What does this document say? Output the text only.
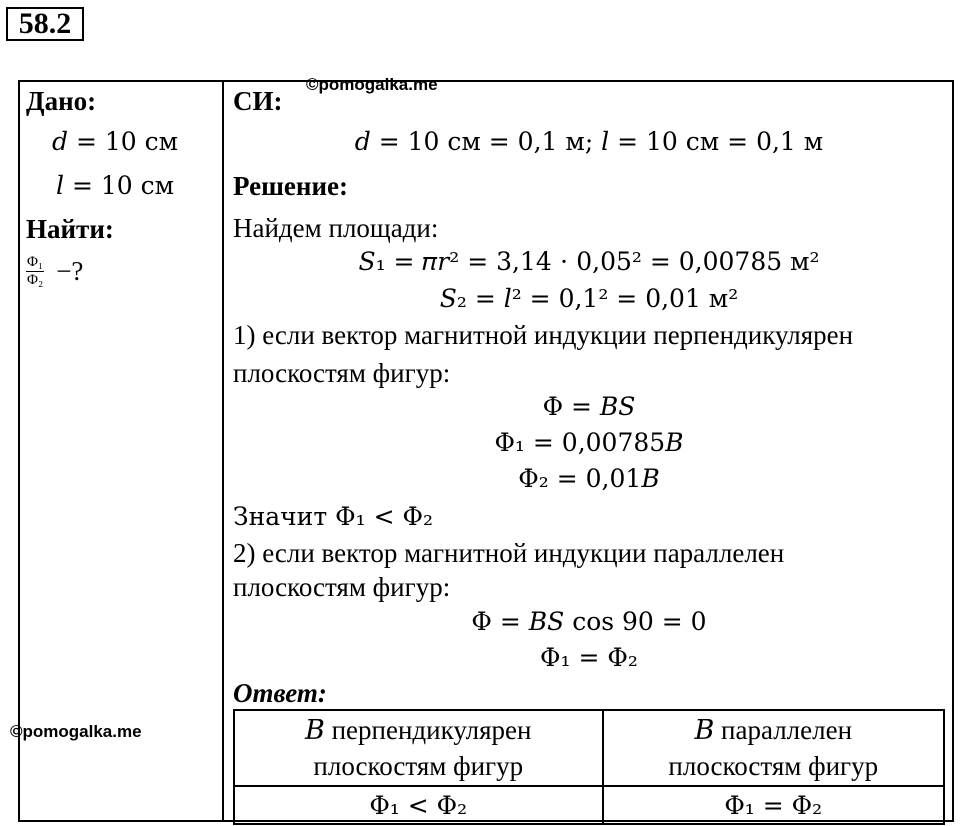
58.2
Дано:
𝑑 = 10 см
𝑙 = 10 см
Найти:
$\frac{\text{Φ₁}}{\text{Φ₂}}$ −?
©pomogalka.me
©pomogalka.me
СИ:
𝑑 = 10 см = 0,1 м; 𝑙 = 10 см = 0,1 м
Решение:
Найдем площади:
𝑆₁ = 𝜋𝑟² = 3,14 ⋅ 0,05² = 0,00785 м²
𝑆₂ = 𝑙² = 0,1² = 0,01 м²
1) если вектор магнитной индукции перпендикулярен
плоскостям фигур:
Φ = 𝐵𝑆
Φ₁ = 0,00785𝐵
Φ₂ = 0,01𝐵
Значит Φ₁ < Φ₂
2) если вектор магнитной индукции параллелен
плоскостям фигур:
Φ = 𝐵𝑆 cos 90 = 0
Φ₁ = Φ₂
Ответ:
𝐵 перпендикулярен
плоскостям фигур	𝐵 параллелен
плоскостям фигур
Φ₁ < Φ₂	Φ₁ = Φ₂
